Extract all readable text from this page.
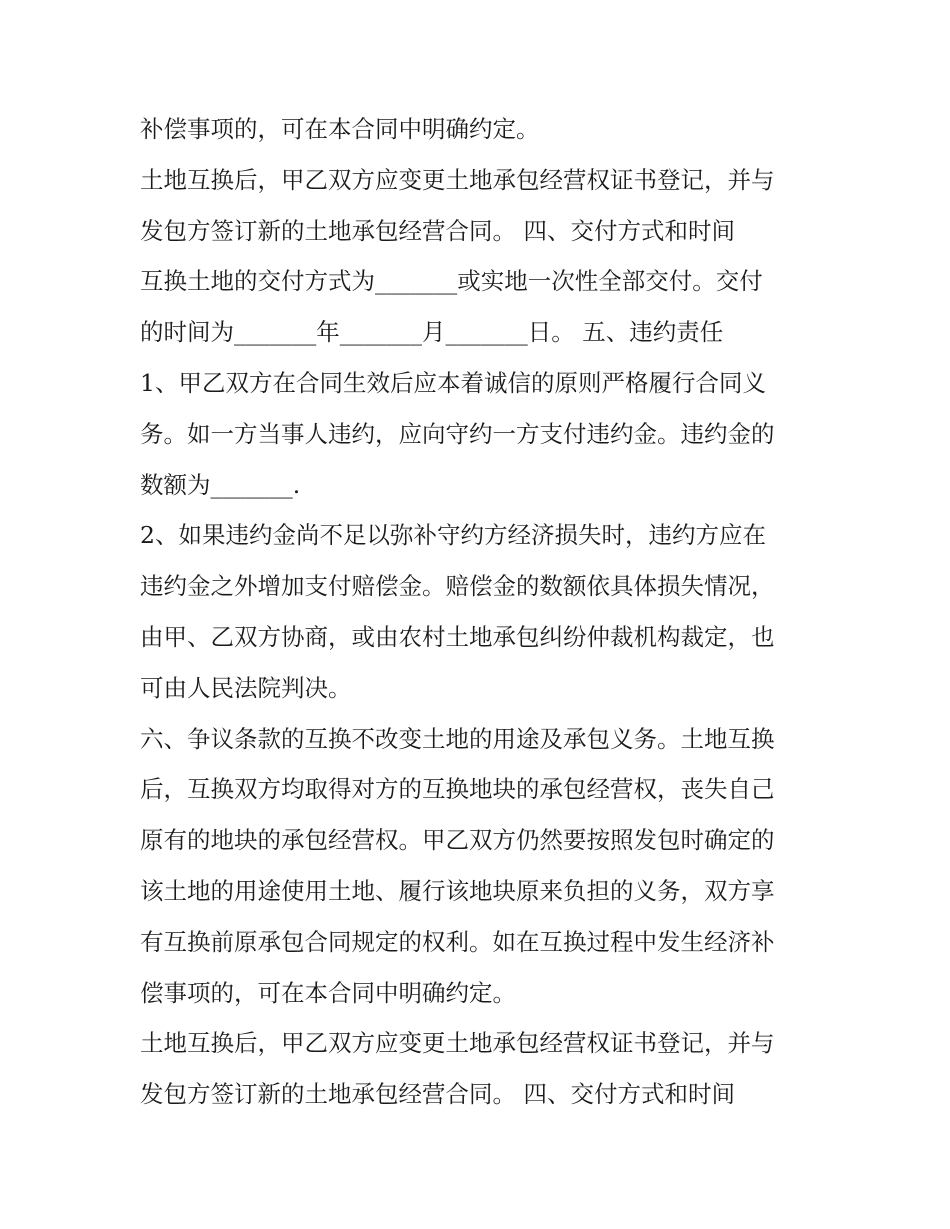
补偿事项的，可在本合同中明确约定。
土地互换后，甲乙双方应变更土地承包经营权证书登记，并与
发包方签订新的土地承包经营合同。 四、交付方式和时间
互换土地的交付方式为_______或实地一次性全部交付。交付
的时间为_______年_______月_______日。 五、违约责任
1、甲乙双方在合同生效后应本着诚信的原则严格履行合同义
务。如一方当事人违约，应向守约一方支付违约金。违约金的
数额为_______.
2、如果违约金尚不足以弥补守约方经济损失时，违约方应在
违约金之外增加支付赔偿金。赔偿金的数额依具体损失情况，
由甲、乙双方协商，或由农村土地承包纠纷仲裁机构裁定，也
可由人民法院判决。
六、争议条款的互换不改变土地的用途及承包义务。土地互换
后，互换双方均取得对方的互换地块的承包经营权，丧失自己
原有的地块的承包经营权。甲乙双方仍然要按照发包时确定的
该土地的用途使用土地、履行该地块原来负担的义务，双方享
有互换前原承包合同规定的权利。如在互换过程中发生经济补
偿事项的，可在本合同中明确约定。
土地互换后，甲乙双方应变更土地承包经营权证书登记，并与
发包方签订新的土地承包经营合同。 四、交付方式和时间
